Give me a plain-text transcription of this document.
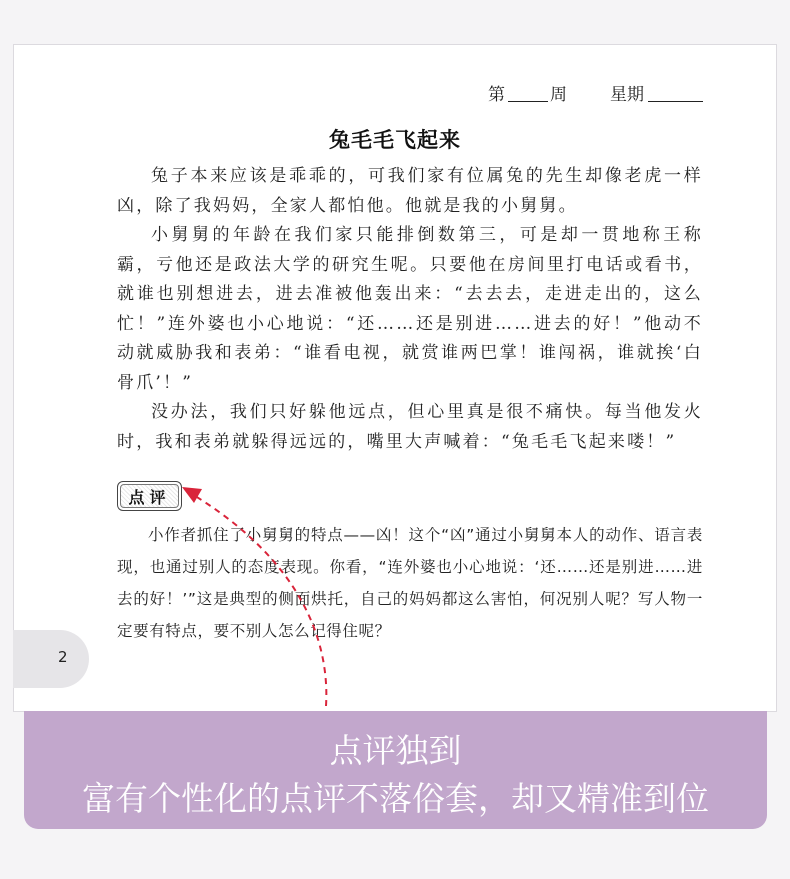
第	周	星期
兔毛毛飞起来

兔子本来应该是乖乖的，可我们家有位属兔的先生却像老虎一样凶，除了我妈妈，全家人都怕他。他就是我的小舅舅。

小舅舅的年龄在我们家只能排倒数第三，可是却一贯地称王称霸，亏他还是政法大学的研究生呢。只要他在房间里打电话或看书，就谁也别想进去，进去准被他轰出来：“去去去，走进走出的，这么忙！”连外婆也小心地说：“还……还是别进……进去的好！”他动不动就威胁我和表弟：“谁看电视，就赏谁两巴掌！谁闯祸，谁就挨‘白骨爪’！”

没办法，我们只好躲他远点，但心里真是很不痛快。每当他发火时，我和表弟就躲得远远的，嘴里大声喊着：“兔毛毛飞起来喽！”

点评

小作者抓住了小舅舅的特点——凶！这个“凶”通过小舅舅本人的动作、语言表现，也通过别人的态度表现。你看，“连外婆也小心地说：‘还……还是别进……进去的好！’”这是典型的侧面烘托，自己的妈妈都这么害怕，何况别人呢？写人物一定要有特点，要不别人怎么记得住呢？

2
点评独到
富有个性化的点评不落俗套，却又精准到位
